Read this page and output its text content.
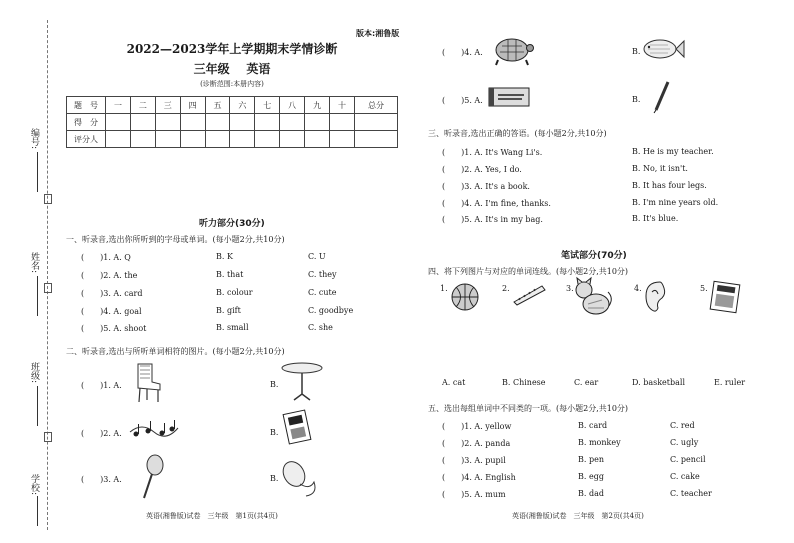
编号:
姓名:
班级:
学校:
版本:湘鲁版
2022—2023学年上学期期末学情诊断
三年级    英语
(诊断范围:本册内容)
题　号	一	二	三	四	五	六	七	八	九	十	总分
得　分											
评分人											
听力部分(30分)
一、听录音,选出你所听到的字母或单词。(每小题2分,共10分)
(　　)1. A. Q	B. K	C. U
(　　)2. A. the	B. that	C. they
(　　)3. A. card	B. colour	C. cute
(　　)4. A. goal	B. gift	C. goodbye
(　　)5. A. shoot	B. small	C. she
二、听录音,选出与所听单词相符的图片。(每小题2分,共10分)
(　　)1. A.	B.
(　　)2. A.	B.
(　　)3. A.	B.
英语(湘鲁版)试卷　三年级　第1页(共4页)
(　　)4. A.	B.
(　　)5. A.	B.
三、听录音,选出正确的答语。(每小题2分,共10分)
(　　)1. A. It's Wang Li's.	B. He is my teacher.
(　　)2. A. Yes, I do.	B. No, it isn't.
(　　)3. A. It's a book.	B. It has four legs.
(　　)4. A. I'm fine, thanks.	B. I'm nine years old.
(　　)5. A. It's in my bag.	B. It's blue.
笔试部分(70分)
四、将下列图片与对应的单词连线。(每小题2分,共10分)
1.	2.	3.	4.	5.
A. cat	B. Chinese	C. ear	D. basketball	E. ruler
五、选出每组单词中不同类的一项。(每小题2分,共10分)
(　　)1. A. yellow	B. card	C. red
(　　)2. A. panda	B. monkey	C. ugly
(　　)3. A. pupil	B. pen	C. pencil
(　　)4. A. English	B. egg	C. cake
(　　)5. A. mum	B. dad	C. teacher
英语(湘鲁版)试卷　三年级　第2页(共4页)
